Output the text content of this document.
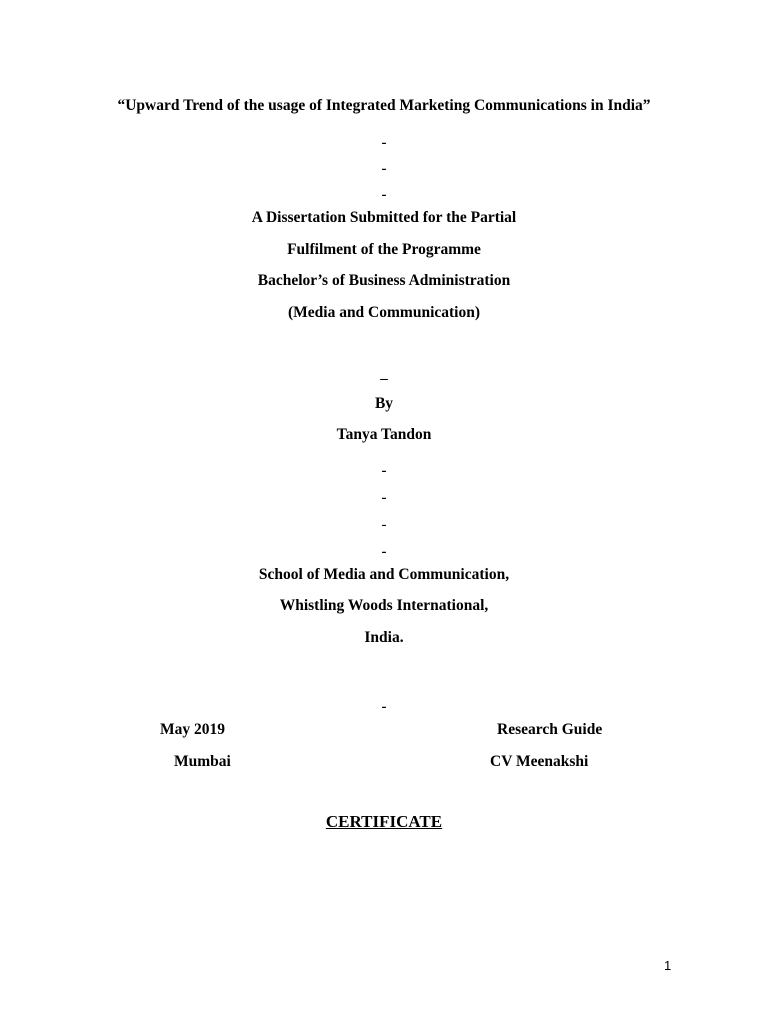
“Upward Trend of the usage of Integrated Marketing Communications in India”
-
-
-
A Dissertation Submitted for the Partial
Fulfilment of the Programme
Bachelor’s of Business Administration
(Media and Communication)
–
By
Tanya Tandon
-
-
-
-
School of Media and Communication,
Whistling Woods International,
India.
-
May 2019	Research Guide
Mumbai	CV Meenakshi
CERTIFICATE
1
